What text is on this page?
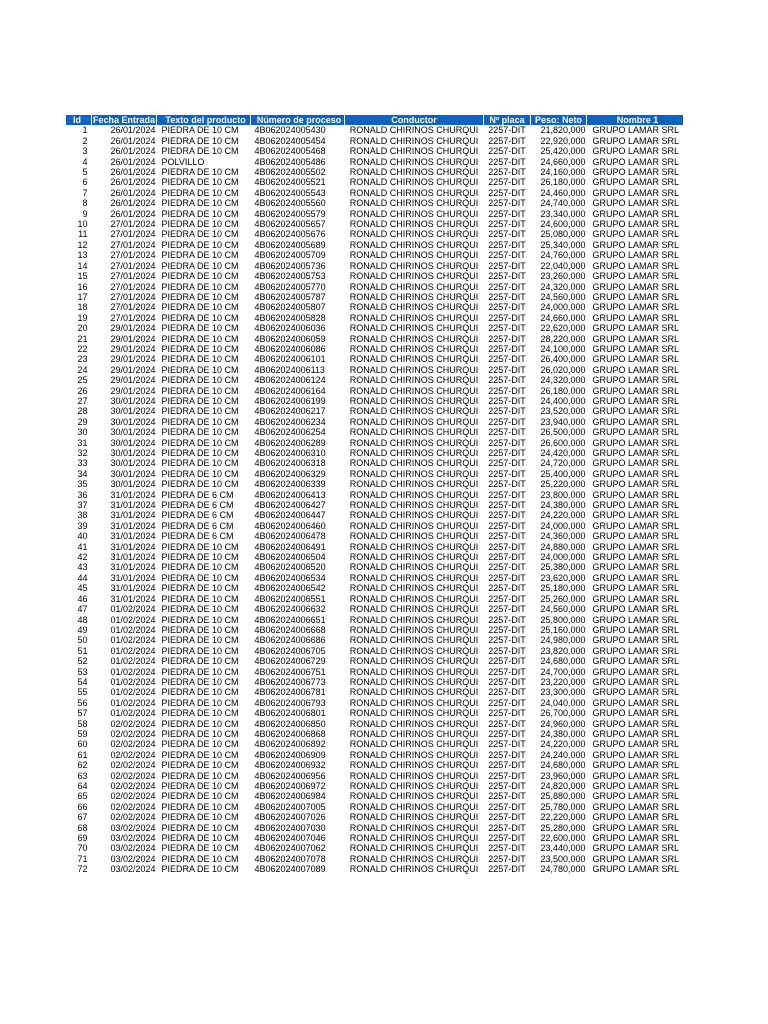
Id	Fecha Entrada	Texto del producto	Número de proceso	Conductor	Nº placa	Peso: Neto	Nombre 1
1	26/01/2024	PIEDRA DE 10 CM	4B062024005430	RONALD CHIRINOS CHURQUI	2257-DIT	21,820,000	GRUPO LAMAR SRL
2	26/01/2024	PIEDRA DE 10 CM	4B062024005454	RONALD CHIRINOS CHURQUI	2257-DIT	22,920,000	GRUPO LAMAR SRL
3	26/01/2024	PIEDRA DE 10 CM	4B062024005468	RONALD CHIRINOS CHURQUI	2257-DIT	25,420,000	GRUPO LAMAR SRL
4	26/01/2024	POLVILLO	4B062024005486	RONALD CHIRINOS CHURQUI	2257-DIT	24,660,000	GRUPO LAMAR SRL
5	26/01/2024	PIEDRA DE 10 CM	4B062024005502	RONALD CHIRINOS CHURQUI	2257-DIT	24,160,000	GRUPO LAMAR SRL
6	26/01/2024	PIEDRA DE 10 CM	4B062024005521	RONALD CHIRINOS CHURQUI	2257-DIT	26,180,000	GRUPO LAMAR SRL
7	26/01/2024	PIEDRA DE 10 CM	4B062024005543	RONALD CHIRINOS CHURQUI	2257-DIT	24,460,000	GRUPO LAMAR SRL
8	26/01/2024	PIEDRA DE 10 CM	4B062024005560	RONALD CHIRINOS CHURQUI	2257-DIT	24,740,000	GRUPO LAMAR SRL
9	26/01/2024	PIEDRA DE 10 CM	4B062024005579	RONALD CHIRINOS CHURQUI	2257-DIT	23,340,000	GRUPO LAMAR SRL
10	27/01/2024	PIEDRA DE 10 CM	4B062024005657	RONALD CHIRINOS CHURQUI	2257-DIT	24,600,000	GRUPO LAMAR SRL
11	27/01/2024	PIEDRA DE 10 CM	4B062024005676	RONALD CHIRINOS CHURQUI	2257-DIT	25,080,000	GRUPO LAMAR SRL
12	27/01/2024	PIEDRA DE 10 CM	4B062024005689	RONALD CHIRINOS CHURQUI	2257-DIT	25,340,000	GRUPO LAMAR SRL
13	27/01/2024	PIEDRA DE 10 CM	4B062024005709	RONALD CHIRINOS CHURQUI	2257-DIT	24,760,000	GRUPO LAMAR SRL
14	27/01/2024	PIEDRA DE 10 CM	4B062024005736	RONALD CHIRINOS CHURQUI	2257-DIT	22,040,000	GRUPO LAMAR SRL
15	27/01/2024	PIEDRA DE 10 CM	4B062024005753	RONALD CHIRINOS CHURQUI	2257-DIT	23,260,000	GRUPO LAMAR SRL
16	27/01/2024	PIEDRA DE 10 CM	4B062024005770	RONALD CHIRINOS CHURQUI	2257-DIT	24,320,000	GRUPO LAMAR SRL
17	27/01/2024	PIEDRA DE 10 CM	4B062024005787	RONALD CHIRINOS CHURQUI	2257-DIT	24,560,000	GRUPO LAMAR SRL
18	27/01/2024	PIEDRA DE 10 CM	4B062024005807	RONALD CHIRINOS CHURQUI	2257-DIT	24,000,000	GRUPO LAMAR SRL
19	27/01/2024	PIEDRA DE 10 CM	4B062024005828	RONALD CHIRINOS CHURQUI	2257-DIT	24,660,000	GRUPO LAMAR SRL
20	29/01/2024	PIEDRA DE 10 CM	4B062024006036	RONALD CHIRINOS CHURQUI	2257-DIT	22,620,000	GRUPO LAMAR SRL
21	29/01/2024	PIEDRA DE 10 CM	4B062024006059	RONALD CHIRINOS CHURQUI	2257-DIT	28,220,000	GRUPO LAMAR SRL
22	29/01/2024	PIEDRA DE 10 CM	4B062024006086	RONALD CHIRINOS CHURQUI	2257-DIT	24,100,000	GRUPO LAMAR SRL
23	29/01/2024	PIEDRA DE 10 CM	4B062024006101	RONALD CHIRINOS CHURQUI	2257-DIT	26,400,000	GRUPO LAMAR SRL
24	29/01/2024	PIEDRA DE 10 CM	4B062024006113	RONALD CHIRINOS CHURQUI	2257-DIT	26,020,000	GRUPO LAMAR SRL
25	29/01/2024	PIEDRA DE 10 CM	4B062024006124	RONALD CHIRINOS CHURQUI	2257-DIT	24,320,000	GRUPO LAMAR SRL
26	29/01/2024	PIEDRA DE 10 CM	4B062024006164	RONALD CHIRINOS CHURQUI	2257-DIT	26,180,000	GRUPO LAMAR SRL
27	30/01/2024	PIEDRA DE 10 CM	4B062024006199	RONALD CHIRINOS CHURQUI	2257-DIT	24,400,000	GRUPO LAMAR SRL
28	30/01/2024	PIEDRA DE 10 CM	4B062024006217	RONALD CHIRINOS CHURQUI	2257-DIT	23,520,000	GRUPO LAMAR SRL
29	30/01/2024	PIEDRA DE 10 CM	4B062024006234	RONALD CHIRINOS CHURQUI	2257-DIT	23,940,000	GRUPO LAMAR SRL
30	30/01/2024	PIEDRA DE 10 CM	4B062024006254	RONALD CHIRINOS CHURQUI	2257-DIT	26,500,000	GRUPO LAMAR SRL
31	30/01/2024	PIEDRA DE 10 CM	4B062024006289	RONALD CHIRINOS CHURQUI	2257-DIT	26,600,000	GRUPO LAMAR SRL
32	30/01/2024	PIEDRA DE 10 CM	4B062024006310	RONALD CHIRINOS CHURQUI	2257-DIT	24,420,000	GRUPO LAMAR SRL
33	30/01/2024	PIEDRA DE 10 CM	4B062024006318	RONALD CHIRINOS CHURQUI	2257-DIT	24,720,000	GRUPO LAMAR SRL
34	30/01/2024	PIEDRA DE 10 CM	4B062024006329	RONALD CHIRINOS CHURQUI	2257-DIT	25,400,000	GRUPO LAMAR SRL
35	30/01/2024	PIEDRA DE 10 CM	4B062024006339	RONALD CHIRINOS CHURQUI	2257-DIT	25,220,000	GRUPO LAMAR SRL
36	31/01/2024	PIEDRA DE 6 CM	4B062024006413	RONALD CHIRINOS CHURQUI	2257-DIT	23,800,000	GRUPO LAMAR SRL
37	31/01/2024	PIEDRA DE 6 CM	4B062024006427	RONALD CHIRINOS CHURQUI	2257-DIT	24,380,000	GRUPO LAMAR SRL
38	31/01/2024	PIEDRA DE 6 CM	4B062024006447	RONALD CHIRINOS CHURQUI	2257-DIT	24,220,000	GRUPO LAMAR SRL
39	31/01/2024	PIEDRA DE 6 CM	4B062024006460	RONALD CHIRINOS CHURQUI	2257-DIT	24,000,000	GRUPO LAMAR SRL
40	31/01/2024	PIEDRA DE 6 CM	4B062024006478	RONALD CHIRINOS CHURQUI	2257-DIT	24,360,000	GRUPO LAMAR SRL
41	31/01/2024	PIEDRA DE 10 CM	4B062024006491	RONALD CHIRINOS CHURQUI	2257-DIT	24,880,000	GRUPO LAMAR SRL
42	31/01/2024	PIEDRA DE 10 CM	4B062024006504	RONALD CHIRINOS CHURQUI	2257-DIT	24,000,000	GRUPO LAMAR SRL
43	31/01/2024	PIEDRA DE 10 CM	4B062024006520	RONALD CHIRINOS CHURQUI	2257-DIT	25,380,000	GRUPO LAMAR SRL
44	31/01/2024	PIEDRA DE 10 CM	4B062024006534	RONALD CHIRINOS CHURQUI	2257-DIT	23,620,000	GRUPO LAMAR SRL
45	31/01/2024	PIEDRA DE 10 CM	4B062024006542	RONALD CHIRINOS CHURQUI	2257-DIT	25,180,000	GRUPO LAMAR SRL
46	31/01/2024	PIEDRA DE 10 CM	4B062024006551	RONALD CHIRINOS CHURQUI	2257-DIT	25,260,000	GRUPO LAMAR SRL
47	01/02/2024	PIEDRA DE 10 CM	4B062024006632	RONALD CHIRINOS CHURQUI	2257-DIT	24,560,000	GRUPO LAMAR SRL
48	01/02/2024	PIEDRA DE 10 CM	4B062024006651	RONALD CHIRINOS CHURQUI	2257-DIT	25,800,000	GRUPO LAMAR SRL
49	01/02/2024	PIEDRA DE 10 CM	4B062024006668	RONALD CHIRINOS CHURQUI	2257-DIT	25,160,000	GRUPO LAMAR SRL
50	01/02/2024	PIEDRA DE 10 CM	4B062024006686	RONALD CHIRINOS CHURQUI	2257-DIT	24,980,000	GRUPO LAMAR SRL
51	01/02/2024	PIEDRA DE 10 CM	4B062024006705	RONALD CHIRINOS CHURQUI	2257-DIT	23,820,000	GRUPO LAMAR SRL
52	01/02/2024	PIEDRA DE 10 CM	4B062024006729	RONALD CHIRINOS CHURQUI	2257-DIT	24,680,000	GRUPO LAMAR SRL
53	01/02/2024	PIEDRA DE 10 CM	4B062024006751	RONALD CHIRINOS CHURQUI	2257-DIT	24,700,000	GRUPO LAMAR SRL
54	01/02/2024	PIEDRA DE 10 CM	4B062024006773	RONALD CHIRINOS CHURQUI	2257-DIT	23,220,000	GRUPO LAMAR SRL
55	01/02/2024	PIEDRA DE 10 CM	4B062024006781	RONALD CHIRINOS CHURQUI	2257-DIT	23,300,000	GRUPO LAMAR SRL
56	01/02/2024	PIEDRA DE 10 CM	4B062024006793	RONALD CHIRINOS CHURQUI	2257-DIT	24,040,000	GRUPO LAMAR SRL
57	01/02/2024	PIEDRA DE 10 CM	4B062024006801	RONALD CHIRINOS CHURQUI	2257-DIT	26,700,000	GRUPO LAMAR SRL
58	02/02/2024	PIEDRA DE 10 CM	4B062024006850	RONALD CHIRINOS CHURQUI	2257-DIT	24,960,000	GRUPO LAMAR SRL
59	02/02/2024	PIEDRA DE 10 CM	4B062024006868	RONALD CHIRINOS CHURQUI	2257-DIT	24,380,000	GRUPO LAMAR SRL
60	02/02/2024	PIEDRA DE 10 CM	4B062024006892	RONALD CHIRINOS CHURQUI	2257-DIT	24,220,000	GRUPO LAMAR SRL
61	02/02/2024	PIEDRA DE 10 CM	4B062024006909	RONALD CHIRINOS CHURQUI	2257-DIT	24,240,000	GRUPO LAMAR SRL
62	02/02/2024	PIEDRA DE 10 CM	4B062024006932	RONALD CHIRINOS CHURQUI	2257-DIT	24,680,000	GRUPO LAMAR SRL
63	02/02/2024	PIEDRA DE 10 CM	4B062024006956	RONALD CHIRINOS CHURQUI	2257-DIT	23,960,000	GRUPO LAMAR SRL
64	02/02/2024	PIEDRA DE 10 CM	4B062024006972	RONALD CHIRINOS CHURQUI	2257-DIT	24,820,000	GRUPO LAMAR SRL
65	02/02/2024	PIEDRA DE 10 CM	4B062024006984	RONALD CHIRINOS CHURQUI	2257-DIT	25,880,000	GRUPO LAMAR SRL
66	02/02/2024	PIEDRA DE 10 CM	4B062024007005	RONALD CHIRINOS CHURQUI	2257-DIT	25,780,000	GRUPO LAMAR SRL
67	02/02/2024	PIEDRA DE 10 CM	4B062024007026	RONALD CHIRINOS CHURQUI	2257-DIT	22,220,000	GRUPO LAMAR SRL
68	03/02/2024	PIEDRA DE 10 CM	4B062024007030	RONALD CHIRINOS CHURQUI	2257-DIT	25,280,000	GRUPO LAMAR SRL
69	03/02/2024	PIEDRA DE 10 CM	4B062024007046	RONALD CHIRINOS CHURQUI	2257-DIT	22,600,000	GRUPO LAMAR SRL
70	03/02/2024	PIEDRA DE 10 CM	4B062024007062	RONALD CHIRINOS CHURQUI	2257-DIT	23,440,000	GRUPO LAMAR SRL
71	03/02/2024	PIEDRA DE 10 CM	4B062024007078	RONALD CHIRINOS CHURQUI	2257-DIT	23,500,000	GRUPO LAMAR SRL
72	03/02/2024	PIEDRA DE 10 CM	4B062024007089	RONALD CHIRINOS CHURQUI	2257-DIT	24,780,000	GRUPO LAMAR SRL
